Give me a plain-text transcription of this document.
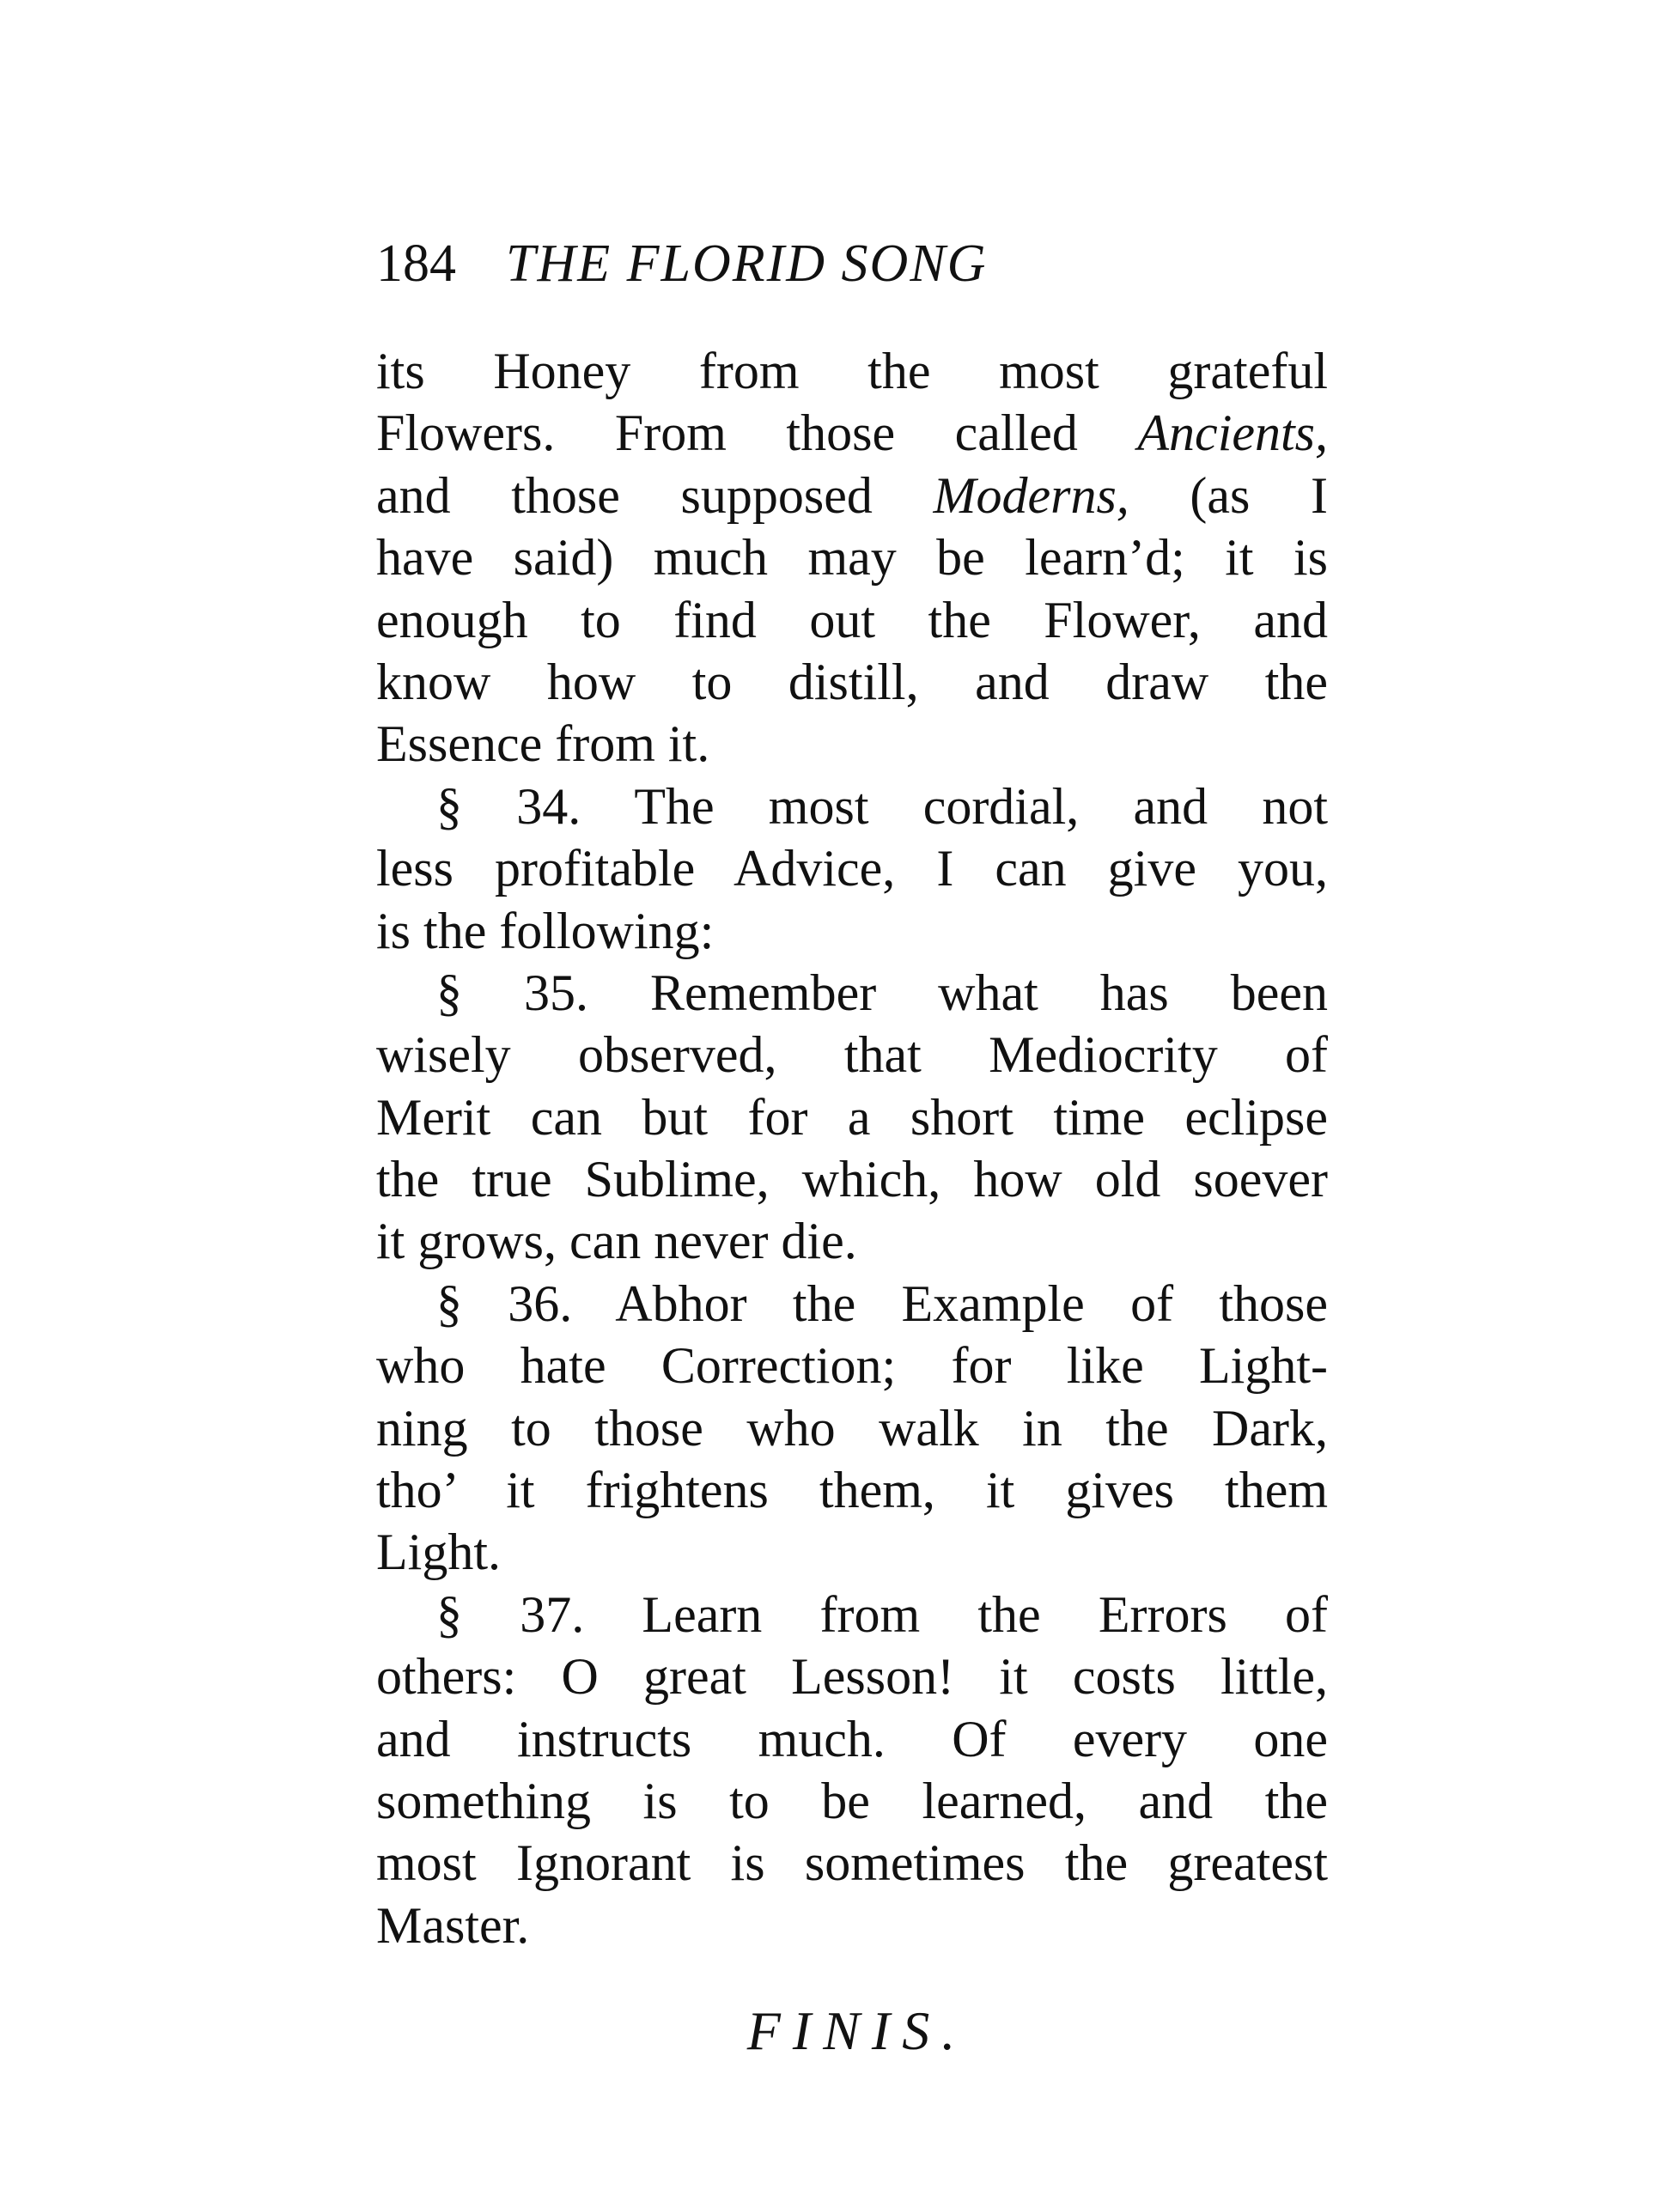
184 THE FLORID SONG
its Honey from the most grateful
Flowers. From those called Ancients,
and those supposed Moderns, (as I
have said) much may be learn’d; it is
enough to find out the Flower, and
know how to distill, and draw the
Essence from it.
§ 34. The most cordial, and not
less profitable Advice, I can give you,
is the following:
§ 35. Remember what has been
wisely observed, that Mediocrity of
Merit can but for a short time eclipse
the true Sublime, which, how old soever
it grows, can never die.
§ 36. Abhor the Example of those
who hate Correction; for like Light-
ning to those who walk in the Dark,
tho’ it frightens them, it gives them
Light.
§ 37. Learn from the Errors of
others: O great Lesson! it costs little,
and instructs much. Of every one
something is to be learned, and the
most Ignorant is sometimes the greatest
Master.
FINIS.
